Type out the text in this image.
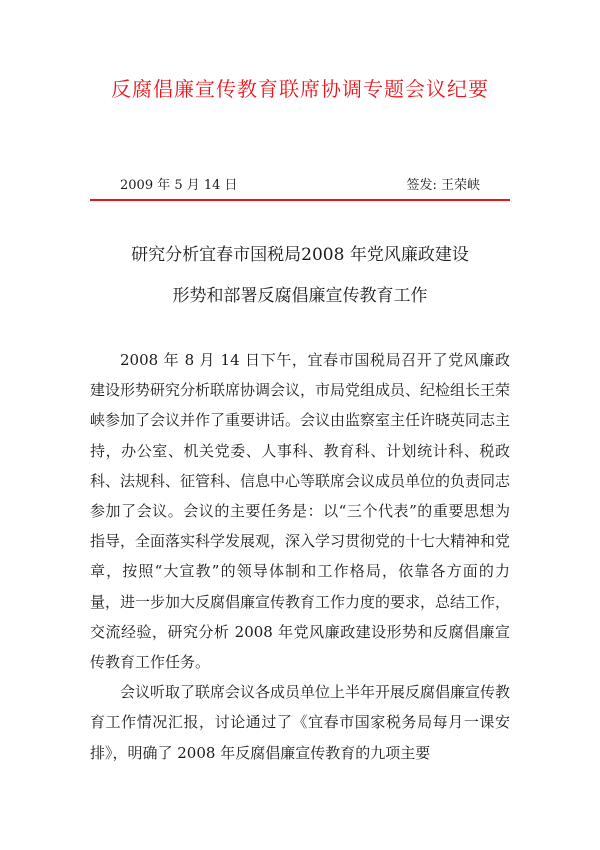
反腐倡廉宣传教育联席协调专题会议纪要
2009 年 5 月 14 日	签发: 王荣峡
研究分析宜春市国税局2008 年党风廉政建设
形势和部署反腐倡廉宣传教育工作

2008 年 8 月 14 日下午，宜春市国税局召开了党风廉政建设形势研究分析联席协调会议，市局党组成员、纪检组长王荣峡参加了会议并作了重要讲话。会议由监察室主任许晓英同志主持，办公室、机关党委、人事科、教育科、计划统计科、税政科、法规科、征管科、信息中心等联席会议成员单位的负责同志参加了会议。会议的主要任务是：以“三个代表”的重要思想为指导，全面落实科学发展观，深入学习贯彻党的十七大精神和党章，按照“大宣教”的领导体制和工作格局，依靠各方面的力量，进一步加大反腐倡廉宣传教育工作力度的要求，总结工作，交流经验，研究分析 2008 年党风廉政建设形势和反腐倡廉宣传教育工作任务。

会议听取了联席会议各成员单位上半年开展反腐倡廉宣传教育工作情况汇报，讨论通过了《宜春市国家税务局每月一课安排》，明确了 2008 年反腐倡廉宣传教育的九项主要
